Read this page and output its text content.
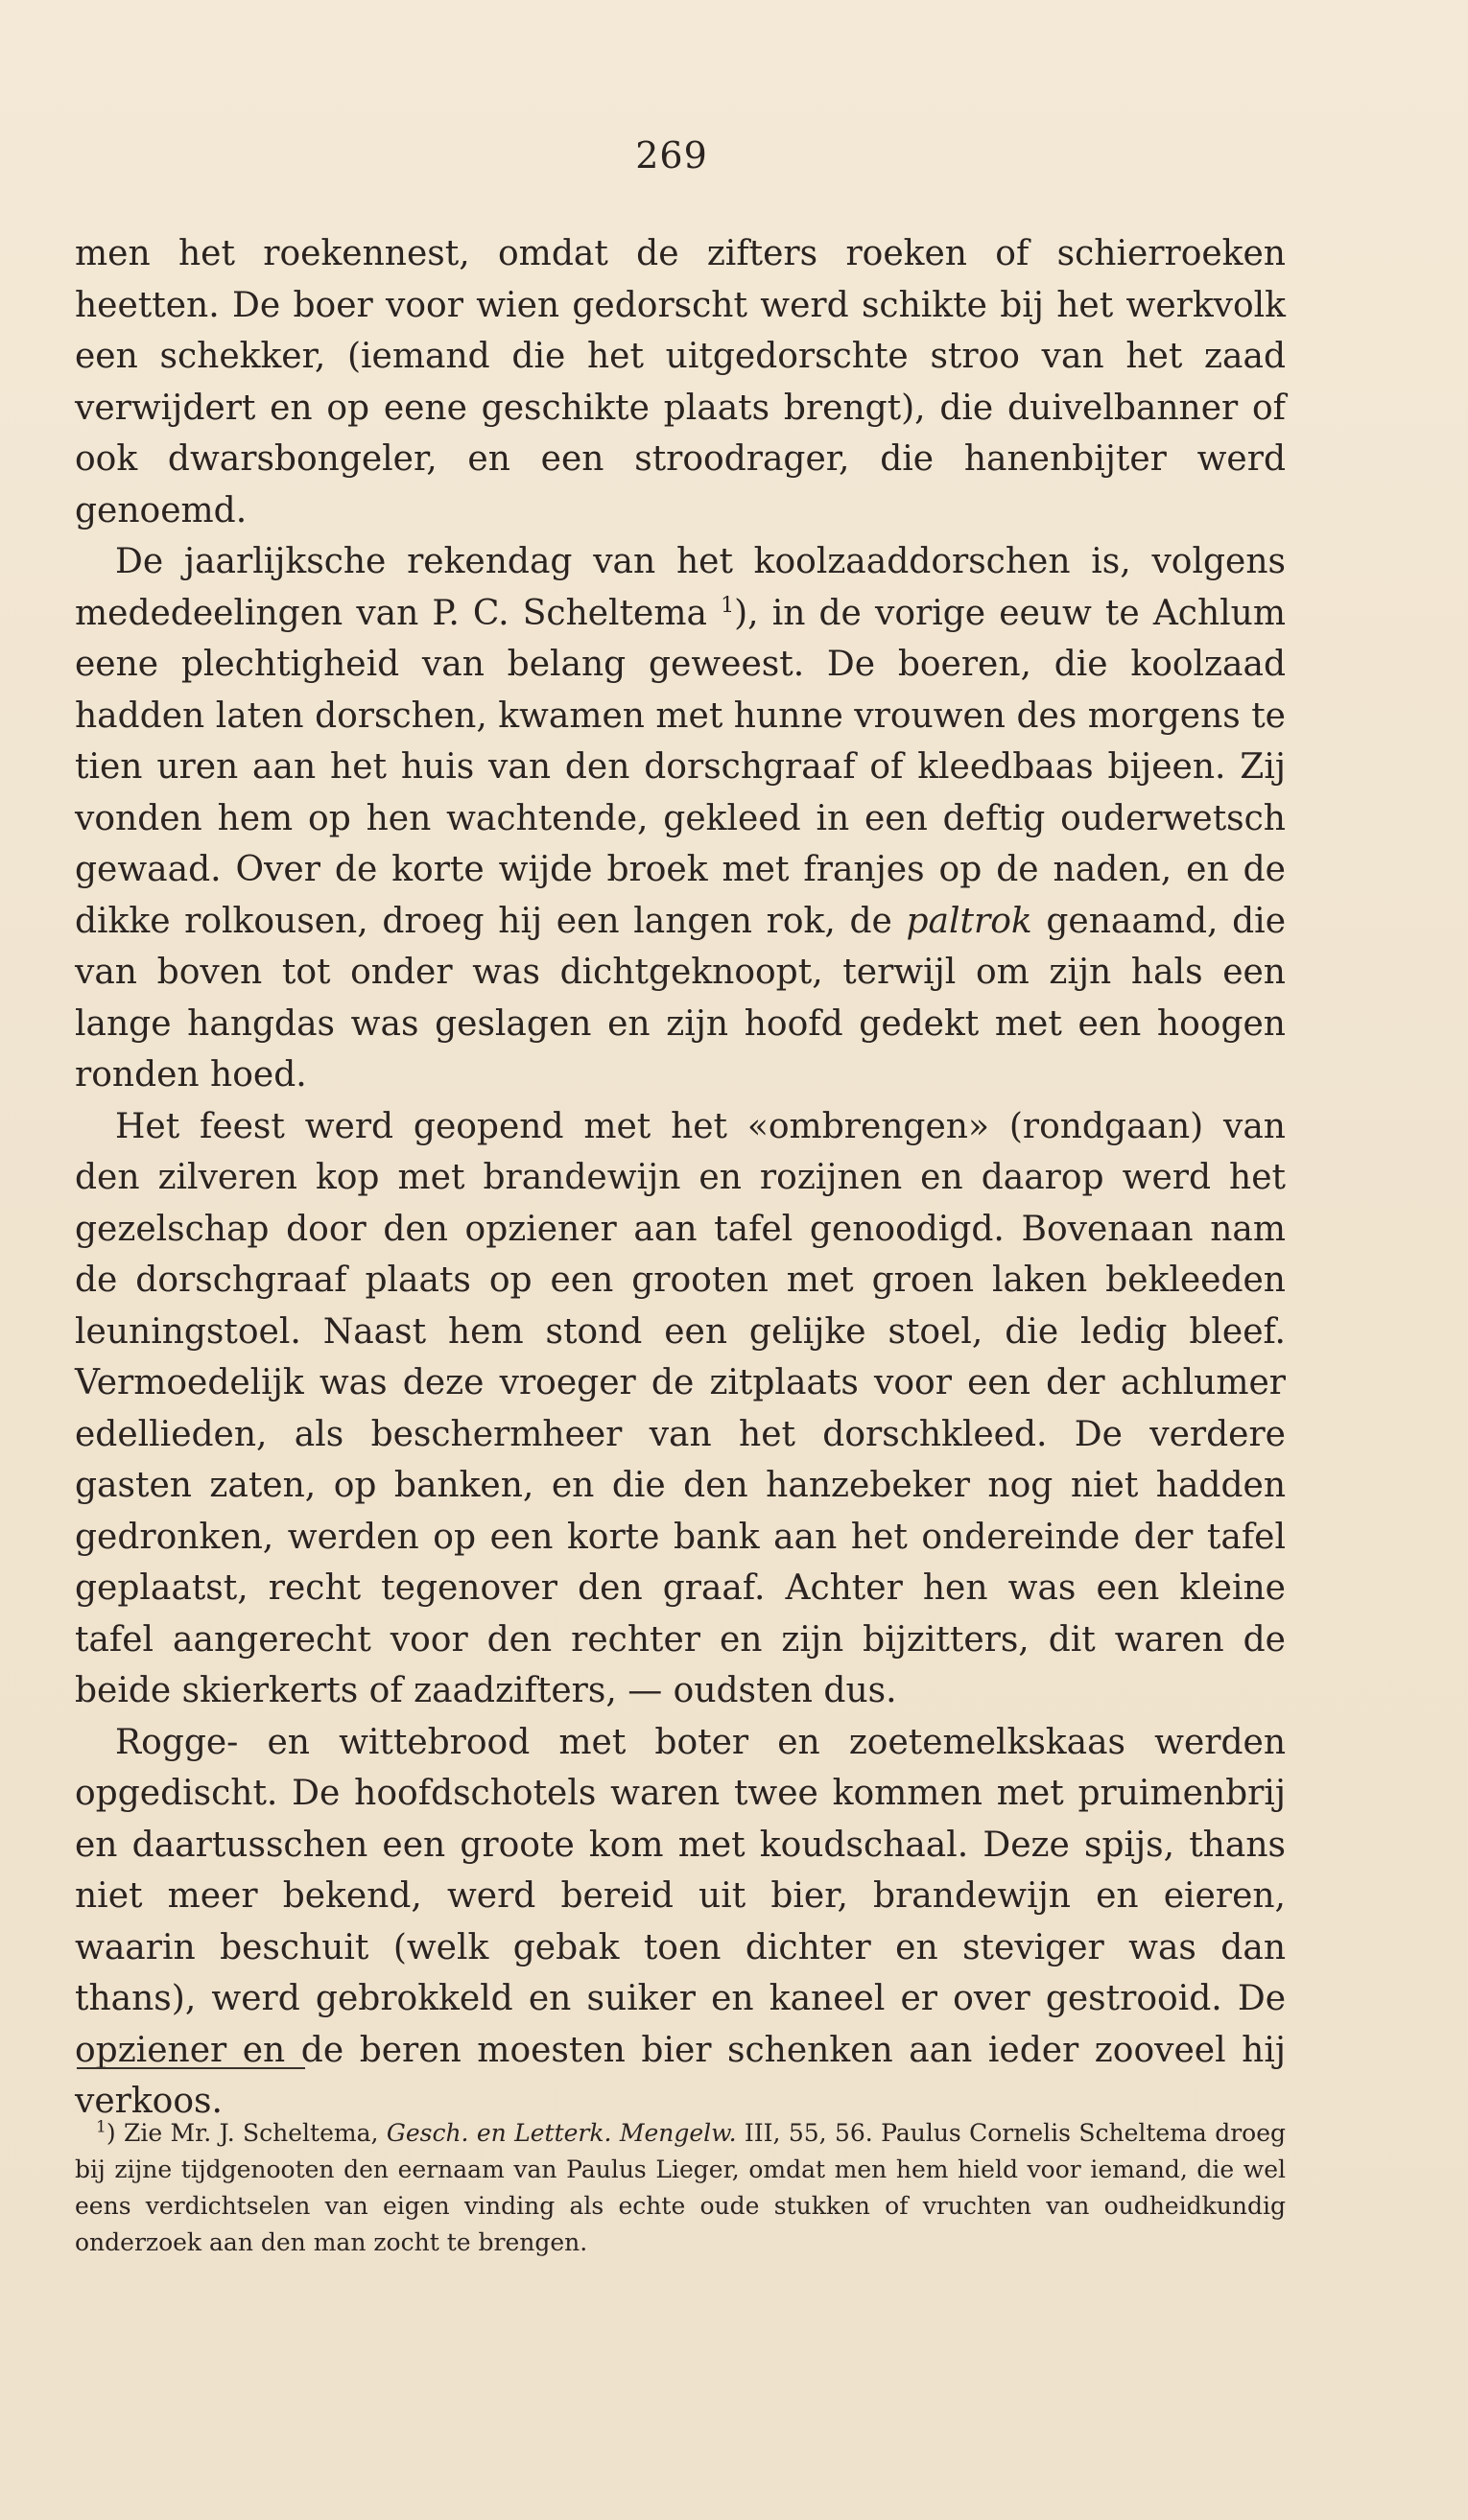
269

men het roekennest, omdat de zifters roeken of schierroeken heetten. De boer voor wien gedorscht werd schikte bij het werkvolk een schekker, (iemand die het uitgedorschte stroo van het zaad verwijdert en op eene geschikte plaats brengt), die duivelbanner of ook dwarsbongeler, en een stroodrager, die hanenbijter werd genoemd.

De jaarlijksche rekendag van het koolzaaddorschen is, volgens mededeelingen van P. C. Scheltema $^1$), in de vorige eeuw te Achlum eene plechtigheid van belang geweest. De boeren, die koolzaad hadden laten dorschen, kwamen met hunne vrouwen des morgens te tien uren aan het huis van den dorschgraaf of kleedbaas bijeen. Zij vonden hem op hen wachtende, gekleed in een deftig ouderwetsch gewaad. Over de korte wijde broek met franjes op de naden, en de dikke rolkousen, droeg hij een langen rok, de paltrok genaamd, die van boven tot onder was dichtgeknoopt, terwijl om zijn hals een lange hangdas was geslagen en zijn hoofd gedekt met een hoogen ronden hoed.

Het feest werd geopend met het «ombrengen» (rondgaan) van den zilveren kop met brandewijn en rozijnen en daarop werd het gezelschap door den opziener aan tafel genoodigd. Bovenaan nam de dorschgraaf plaats op een grooten met groen laken bekleeden leuningstoel. Naast hem stond een gelijke stoel, die ledig bleef. Vermoedelijk was deze vroeger de zitplaats voor een der achlumer edellieden, als beschermheer van het dorschkleed. De verdere gasten zaten, op banken, en die den hanzebeker nog niet hadden gedronken, werden op een korte bank aan het ondereinde der tafel geplaatst, recht tegenover den graaf. Achter hen was een kleine tafel aangerecht voor den rechter en zijn bijzitters, dit waren de beide skierkerts of zaadzifters, — oudsten dus.

Rogge- en wittebrood met boter en zoetemelkskaas werden opgedischt. De hoofdschotels waren twee kommen met pruimenbrij en daartusschen een groote kom met koudschaal. Deze spijs, thans niet meer bekend, werd bereid uit bier, brandewijn en eieren, waarin beschuit (welk gebak toen dichter en steviger was dan thans), werd gebrokkeld en suiker en kaneel er over gestrooid. De opziener en de beren moesten bier schenken aan ieder zooveel hij verkoos.

$^1$) Zie Mr. J. Scheltema, Gesch. en Letterk. Mengelw. III, 55, 56. Paulus Cornelis Scheltema droeg bij zijne tijdgenooten den eernaam van Paulus Lieger, omdat men hem hield voor iemand, die wel eens verdichtselen van eigen vinding als echte oude stukken of vruchten van oudheidkundig onderzoek aan den man zocht te brengen.
